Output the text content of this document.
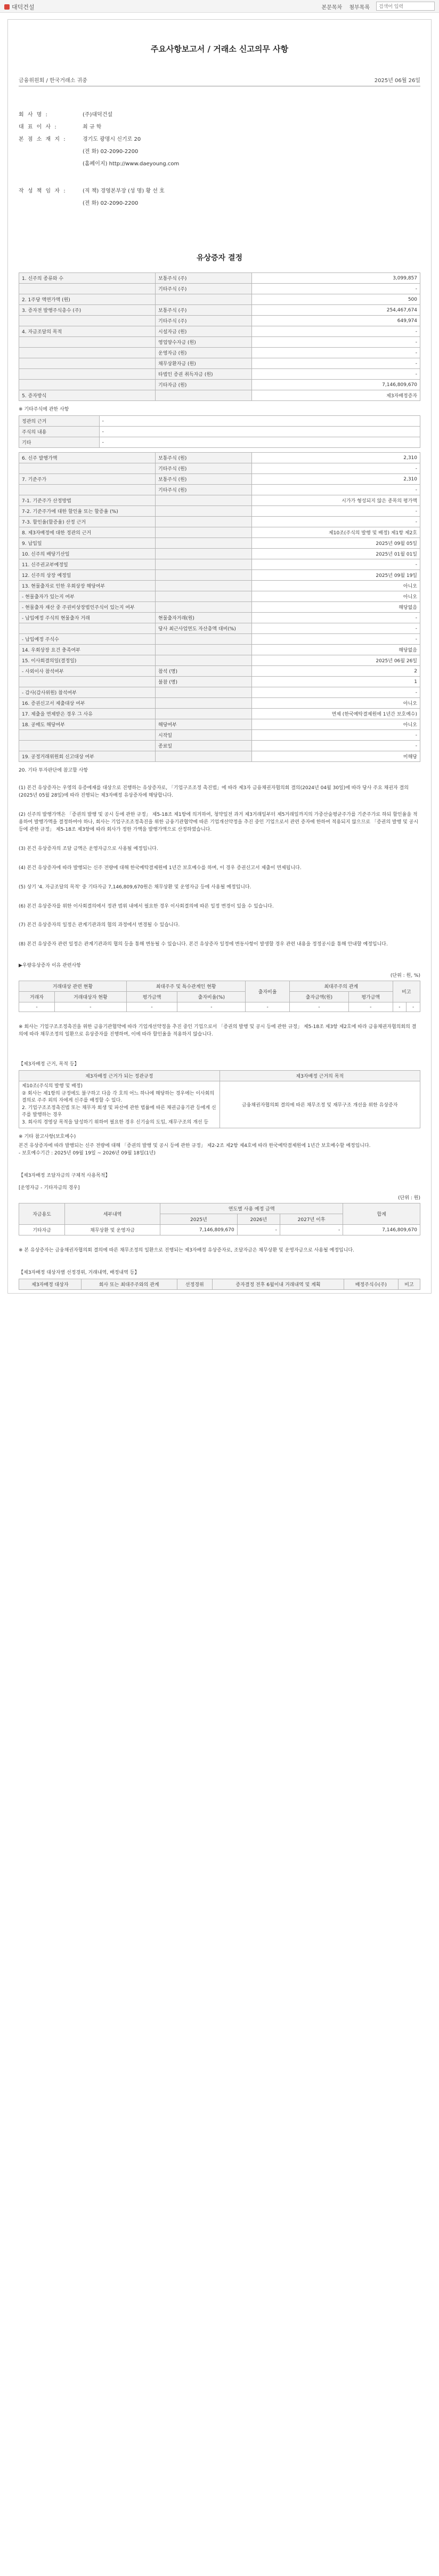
대덕건설	본문목차 첨부목록
검색어 입력
주요사항보고서 / 거래소 신고의무 사항
금융위원회 / 한국거래소 귀중	2025년 06월 26일
회 사 명 :	(주)대덕건설
대 표 이 사 :	최 규 학
본 점 소 재 지 :	경기도 광명시 신기로 20
	(전 화) 02-2090-2200
	(홈페이지) http://www.daeyoung.com
작 성 책 임 자 :	(직 책) 경영본부장 (성 명) 황 선 호
	(전 화) 02-2090-2200
유상증자 결정
1. 신주의 종류와 수	보통주식 (주)	3,099,857
	기타주식 (주)	-
2. 1주당 액면가액 (원)		500
3. 증자전 발행주식총수 (주)	보통주식 (주)	254,467,674
	기타주식 (주)	649,974
4. 자금조달의 목적	시설자금 (원)	-
	영업양수자금 (원)	-
	운영자금 (원)	-
	채무상환자금 (원)	-
	타법인 증권 취득자금 (원)	-
	기타자금 (원)	7,146,809,670
5. 증자방식		제3자배정증자
※ 기타주식에 관한 사항
정관의 근거	-
주식의 내용	-
기타	-
6. 신주 발행가액	보통주식 (원)	2,310
	기타주식 (원)	-
7. 기준주가	보통주식 (원)	2,310
	기타주식 (원)	-
7-1. 기준주가 산정방법		시가가 형성되지 않은 종목의 평가액
7-2. 기준주가에 대한 할인율 또는 할증율 (%)		-
7-3. 할인율(할증율) 산정 근거		-
8. 제3자배정에 대한 정관의 근거		제10조(주식의 발행 및 배정) 제1항 제2호
9. 납입일		2025년 09월 05일
10. 신주의 배당기산일		2025년 01월 01일
11. 신주권교부예정일		-
12. 신주의 상장 예정일		2025년 09월 19일
13. 현물출자로 인한 우회상장 해당여부		아니오
- 현물출자가 있는지 여부		아니오
- 현물출자 재산 중 주권비상장법인주식이 있는지 여부		해당없음
- 납입예정 주식의 현물출자 거래	현물출자거래(원)	-
	당사 최근사업연도 자산총액 대비(%)	-
- 납입예정 주식수		-
14. 우회상장 요건 충족여부		해당없음
15. 이사회결의일(결정일)		2025년 06월 26일
- 사외이사 참석여부	참석 (명)	2
	불참 (명)	1
- 감사(감사위원) 참석여부		-
16. 증권신고서 제출대상 여부		아니오
17. 제출을 면제받은 경우 그 사유		면제 (한국예탁결제원에 1년간 보호예수)
18. 공매도 해당여부	해당여부	아니오
	시작일	-
	종료일	-
19. 공정거래위원회 신고대상 여부		미해당
20. 기타 투자판단에 참고할 사항
(1) 본건 유상증자는 우영의 유증에재를 대상으로 진행하는 유상증자로, 「기업구조조정 촉진법」에 따라 제3자 금융채권자협의회 결의(2024년 04월 30일)에 따라 당사 주요 채권자 결의(2025년 05월 28일)에 따라 진행되는 제3자배정 유상증자에 해당합니다.
(2) 신주의 발행가액은 「증권의 발행 및 공시 등에 관한 규정」 제5-18조 제1항에 의거하여, 청약일전 과거 제3거래일부터 제5거래일까지의 가중산술평균주가를 기준주가로 하되 할인율을 적용하여 발행가액을 결정하여야 하나, 회사는 기업구조조정촉진을 위한 금융기관협약에 따른 기업개선약정을 추진 중인 기업으로서 관련 증자에 한하여 적용되지 않으므로 「증권의 발행 및 공시 등에 관한 규정」 제5-18조 제3항에 따라 회사가 정한 가액을 발행가액으로 산정하였습니다.
(3) 본건 유상증자의 조달 금액은 운영자금으로 사용될 예정입니다.
(4) 본건 유상증자에 따라 발행되는 신주 전량에 대해 한국예탁결제원에 1년간 보호예수를 하며, 이 경우 증권신고서 제출이 면제됩니다.
(5) 상기 '4. 자금조달의 목적' 중 기타자금 7,146,809,670원은 채무상환 및 운영자금 등에 사용될 예정입니다.
(6) 본건 유상증자를 위한 이사회결의에서 정관 범위 내에서 필요한 경우 이사회결의에 따른 일정 변경이 있을 수 있습니다.
(7) 본건 유상증자의 일정은 관계기관과의 협의 과정에서 변경될 수 있습니다.
(8) 본건 유상증자 관련 일정은 관계기관과의 협의 등을 통해 변동될 수 있습니다. 본건 유상증자 일정에 변동사항이 발생할 경우 관련 내용을 정정공시를 통해 안내할 예정입니다.
▶우량유상증자 이유 관련사항
(단위 : 원, %)
거래대상 관련 현황		최대주주 및 특수관계인 현황		출자비율	최대주주의 관계		비고	
거래자	거래대상자 현황	평가금액	출자비율(%)		출자금액(원)	평가금액		
-	-	-	-	-	-	-	-	-
※ 회사는 기업구조조정촉진을 위한 금융기관협약에 따라 기업개선약정을 추진 중인 기업으로서 「증권의 발행 및 공시 등에 관한 규정」 제5-18조 제3항 제2호에 따라 금융채권자협의회의 결의에 따라 채무조정의 일환으로 유상증자를 진행하며, 이에 따라 할인율을 적용하지 않습니다.
【제3자배정 근거, 목적 등】
제3자배정 근거가 되는 정관규정	제3자배정 근거의 목적
제10조(주식의 발행 및 배정)
② 회사는 제1항의 규정에도 불구하고 다음 각 호의 어느 하나에 해당하는 경우에는 이사회의 결의로 주주 외의 자에게 신주를 배정할 수 있다.
2. 기업구조조정촉진법 또는 채무자 회생 및 파산에 관한 법률에 따른 채권금융기관 등에게 신주를 발행하는 경우
3. 회사의 경영상 목적을 달성하기 위하여 필요한 경우 신기술의 도입, 재무구조의 개선 등	금융채권자협의회 결의에 따른 채무조정 및 재무구조 개선을 위한 유상증자
※ 기타 참고사항(보호예수)
본건 유상증자에 따라 발행되는 신주 전량에 대해 「증권의 발행 및 공시 등에 관한 규정」 제2-2조 제2항 제4호에 따라 한국예탁결제원에 1년간 보호예수할 예정입니다.
- 보호예수기간 : 2025년 09월 19일 ~ 2026년 09월 18일(1년)
【제3자배정 조달자금의 구체적 사용목적】
[운영자금 - 기타자금의 경우]
(단위 : 원)
자금용도	세부내역	연도별 사용 예정 금액			합계
		2025년	2026년	2027년 이후	
기타자금	채무상환 및 운영자금	7,146,809,670	-	-	7,146,809,670
※ 본 유상증자는 금융채권자협의회 결의에 따른 채무조정의 일환으로 진행되는 제3자배정 유상증자로, 조달자금은 채무상환 및 운영자금으로 사용될 예정입니다.
【제3자배정 대상자별 선정경위, 거래내역, 배정내역 등】
제3자배정 대상자	회사 또는 최대주주와의 관계	선정경위	증자결정 전후 6월이내 거래내역 및 계획	배정주식수(주)	비고
